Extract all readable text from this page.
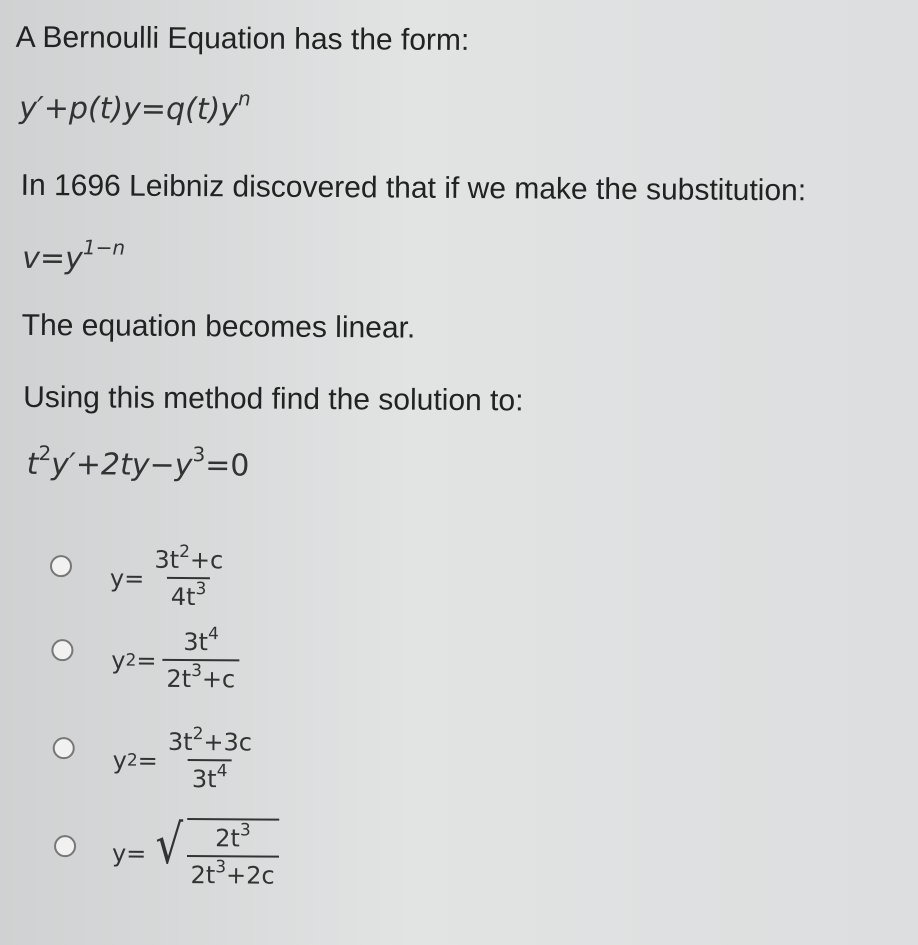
A Bernoulli Equation has the form:
$y'+p(t)y=q(t)y^n$
In 1696 Leibniz discovered that if we make the substitution:
$v=y^{1-n}$
The equation becomes linear.
Using this method find the solution to:
$t^2y'+2ty-y^3=0$
$y = \frac{3t^2+c}{4t^3}$
y $2 = \frac{3t^4}{2t^3+c}$
y $2 = \frac{3t^2+3c}{3t^4}$
y = √ $\frac{2t^3}{2t^3+2c}$
